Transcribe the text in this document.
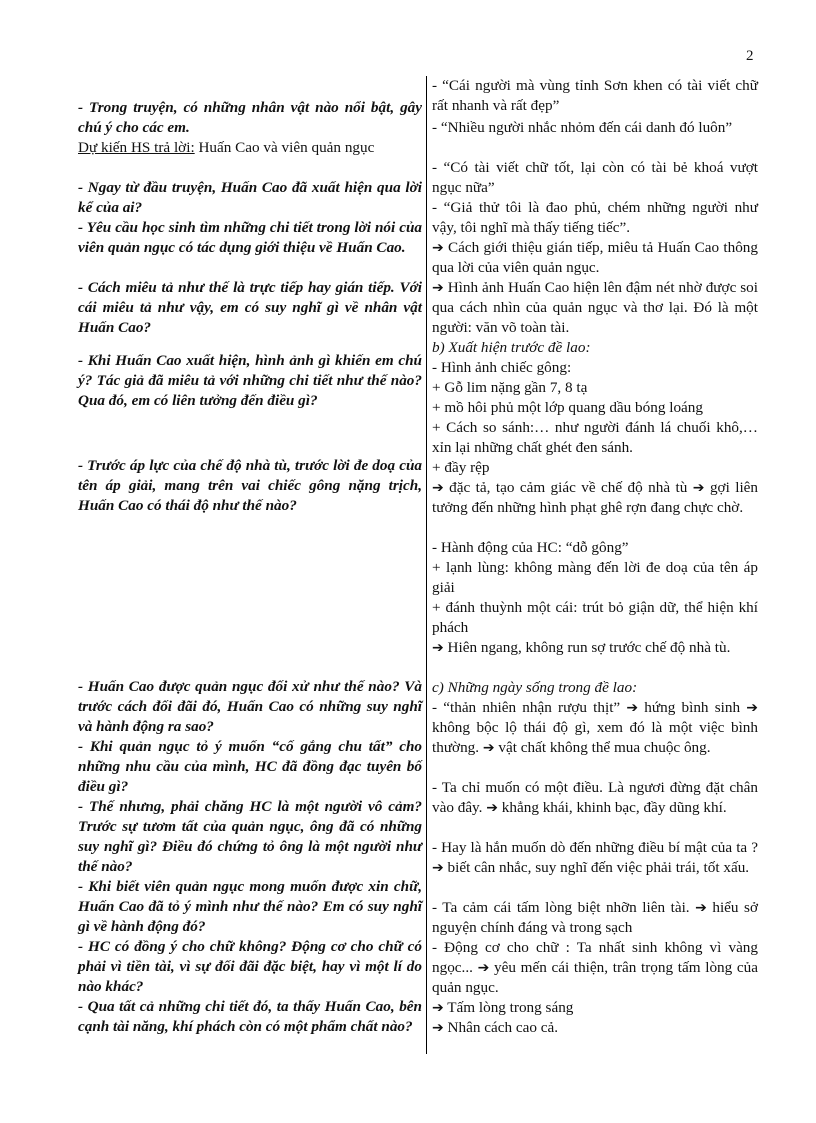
2

- Trong truyện, có những nhân vật nào nổi bật, gây chú ý cho các em.

Dự kiến HS trả lời: Huấn Cao và viên quản ngục

- Ngay từ đầu truyện, Huấn Cao đã xuất hiện qua lời kể của ai?

- Yêu cầu học sinh tìm những chi tiết trong lời nói của viên quản ngục có tác dụng giới thiệu về Huấn Cao.

- Cách miêu tả như thế là trực tiếp hay gián tiếp. Với cái miêu tả như vậy, em có suy nghĩ gì về nhân vật Huấn Cao?

- Khi Huấn Cao xuất hiện, hình ảnh gì khiến em chú ý? Tác giả đã miêu tả với những chi tiết như thế nào? Qua đó, em có liên tưởng đến điều gì?

- Trước áp lực của chế độ nhà tù, trước lời đe doạ của tên áp giải, mang trên vai chiếc gông nặng trịch, Huấn Cao có thái độ như thế nào?

- Huấn Cao được quản ngục đối xử như thế nào? Và trước cách đối đãi đó, Huấn Cao có những suy nghĩ và hành động ra sao?

- Khi quản ngục tỏ ý muốn “cố gắng chu tất” cho những nhu cầu của mình, HC đã đồng đạc tuyên bố điều gì?

- Thế nhưng, phải chăng HC là một người vô cảm? Trước sự tươm tất của quản ngục, ông đã có những suy nghĩ gì? Điều đó chứng tỏ ông là một người như thế nào?

- Khi biết viên quản ngục mong muốn được xin chữ, Huấn Cao đã tỏ ý mình như thế nào? Em có suy nghĩ gì về hành động đó?

- HC có đồng ý cho chữ không? Động cơ cho chữ có phải vì tiền tài, vì sự đối đãi đặc biệt, hay vì một lí do nào khác?

- Qua tất cả những chi tiết đó, ta thấy Huấn Cao, bên cạnh tài năng, khí phách còn có một phẩm chất nào?

- “Cái người mà vùng tỉnh Sơn khen có tài viết chữ rất nhanh và rất đẹp”

- “Nhiều người nhắc nhỏm đến cái danh đó luôn”

- “Có tài viết chữ tốt, lại còn có tài bẻ khoá vượt ngục nữa”

- “Giả thử tôi là đao phủ, chém những người như vậy, tôi nghĩ mà thấy tiếng tiếc”.

➔ Cách giới thiệu gián tiếp, miêu tả Huấn Cao thông qua lời của viên quản ngục.

➔ Hình ảnh Huấn Cao hiện lên đậm nét nhờ được soi qua cách nhìn của quản ngục và thơ lại. Đó là một người: văn võ toàn tài.

b) Xuất hiện trước đề lao:

- Hình ảnh chiếc gông:

+ Gỗ lim nặng gần 7, 8 tạ

+ mồ hôi phủ một lớp quang dầu bóng loáng

+ Cách so sánh:… như người đánh lá chuối khô,… xỉn lại những chất ghét đen sánh.

+ đầy rệp

➔ đặc tả, tạo cảm giác về chế độ nhà tù ➔ gợi liên tưởng đến những hình phạt ghê rợn đang chực chờ.

- Hành động của HC: “dỗ gông”

+ lạnh lùng: không màng đến lời đe doạ của tên áp giải

+ đánh thuỳnh một cái: trút bỏ giận dữ, thể hiện khí phách

➔ Hiên ngang, không run sợ trước chế độ nhà tù.

c) Những ngày sống trong đề lao:

- “thản nhiên nhận rượu thịt” ➔ hứng bình sinh ➔ không bộc lộ thái độ gì, xem đó là một việc bình thường. ➔ vật chất không thể mua chuộc ông.

- Ta chỉ muốn có một điều. Là ngươi đừng đặt chân vào đây. ➔ khẳng khái, khinh bạc, đầy dũng khí.

- Hay là hắn muốn dò đến những điều bí mật của ta ? ➔ biết cân nhắc, suy nghĩ đến việc phải trái, tốt xấu.

- Ta cảm cái tấm lòng biệt nhỡn liên tài. ➔ hiểu sở nguyện chính đáng và trong sạch

- Động cơ cho chữ : Ta nhất sinh không vì vàng ngọc... ➔ yêu mến cái thiện, trân trọng tấm lòng của quản ngục.

➔ Tấm lòng trong sáng

➔ Nhân cách cao cả.
